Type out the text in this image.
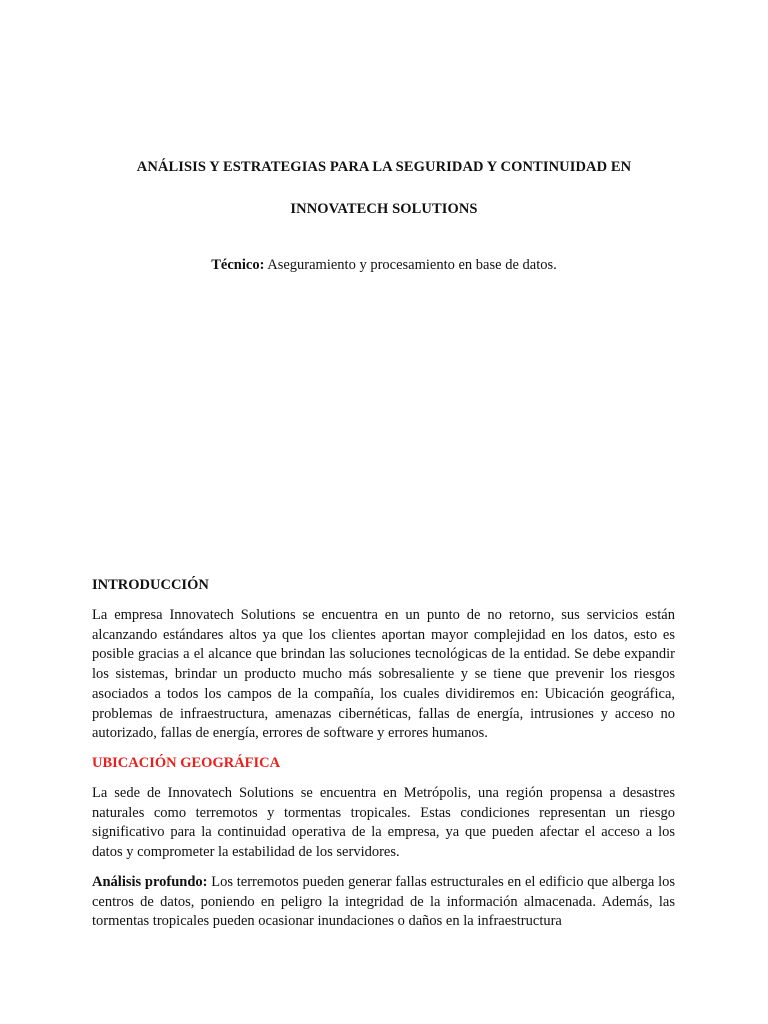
ANÁLISIS Y ESTRATEGIAS PARA LA SEGURIDAD Y CONTINUIDAD EN
INNOVATECH SOLUTIONS
Técnico: Aseguramiento y procesamiento en base de datos.
INTRODUCCIÓN

La empresa Innovatech Solutions se encuentra en un punto de no retorno, sus servicios están alcanzando estándares altos ya que los clientes aportan mayor complejidad en los datos, esto es posible gracias a el alcance que brindan las soluciones tecnológicas de la entidad. Se debe expandir los sistemas, brindar un producto mucho más sobresaliente y se tiene que prevenir los riesgos asociados a todos los campos de la compañía, los cuales dividiremos en: Ubicación geográfica, problemas de infraestructura, amenazas cibernéticas, fallas de energía, intrusiones y acceso no autorizado, fallas de energía, errores de software y errores humanos.

UBICACIÓN GEOGRÁFICA

La sede de Innovatech Solutions se encuentra en Metrópolis, una región propensa a desastres naturales como terremotos y tormentas tropicales. Estas condiciones representan un riesgo significativo para la continuidad operativa de la empresa, ya que pueden afectar el acceso a los datos y comprometer la estabilidad de los servidores.

Análisis profundo: Los terremotos pueden generar fallas estructurales en el edificio que alberga los centros de datos, poniendo en peligro la integridad de la información almacenada. Además, las tormentas tropicales pueden ocasionar inundaciones o daños en la infraestructura
